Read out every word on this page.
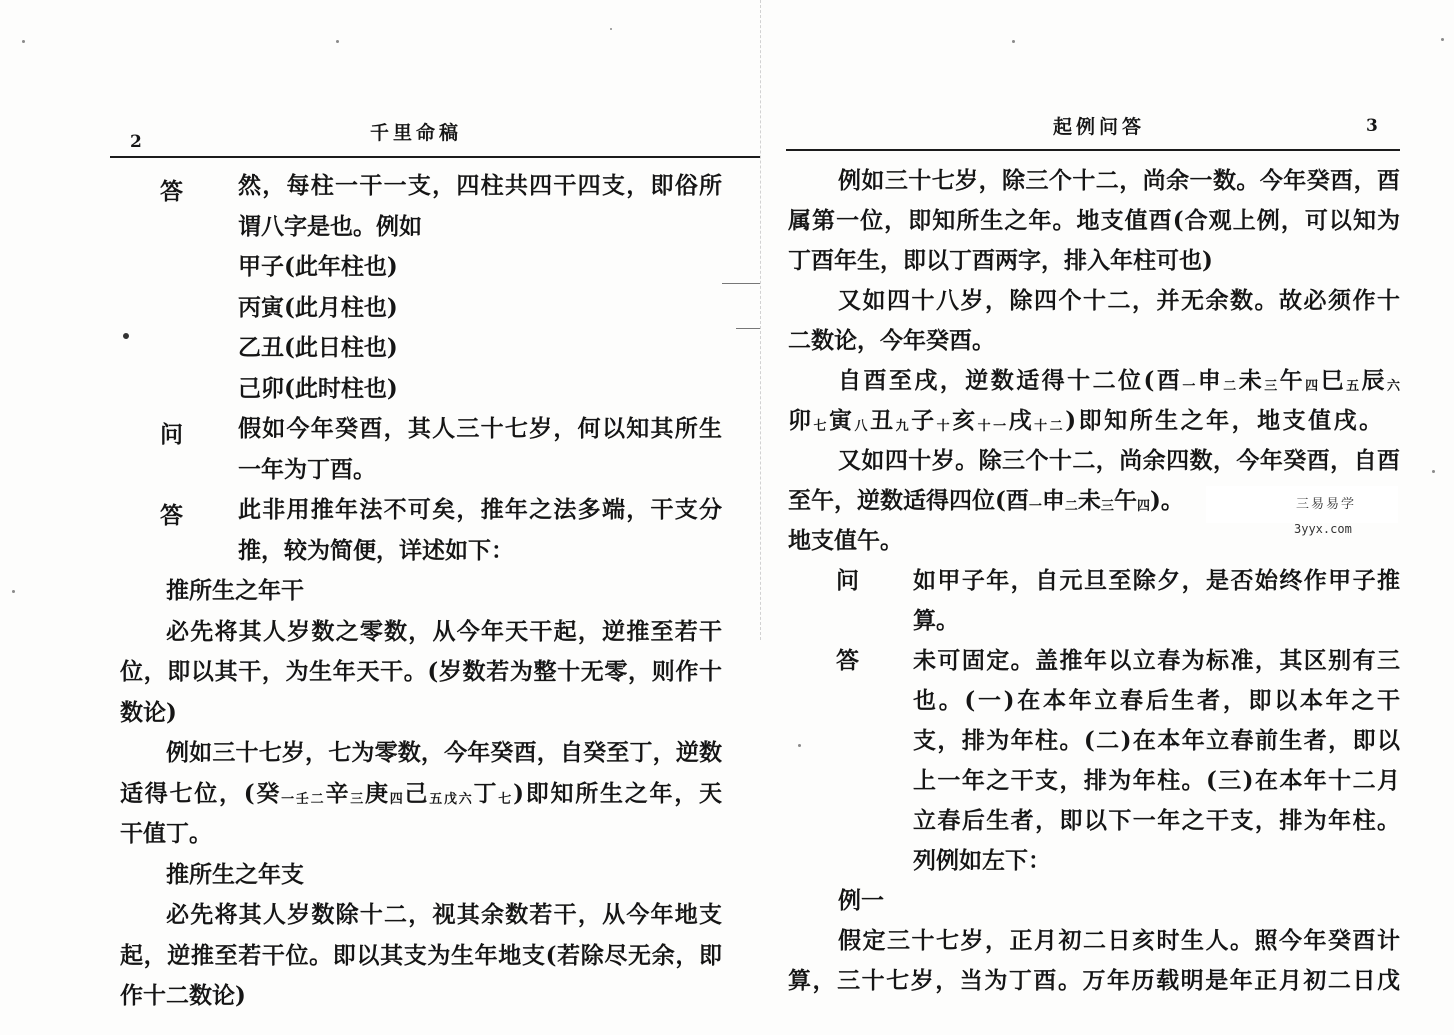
2	千里命稿	起例问答	3
答 然，每柱一干一支，四柱共四干四支，即俗所
谓八字是也。例如
甲子(此年柱也)
丙寅(此月柱也)
乙丑(此日柱也)
己卯(此时柱也)
问 假如今年癸酉，其人三十七岁，何以知其所生
一年为丁酉。
答 此非用推年法不可矣，推年之法多端，干支分
推，较为简便，详述如下：
推所生之年干
必先将其人岁数之零数，从今年天干起，逆推至若干
位，即以其干，为生年天干。(岁数若为整十无零，则作十
数论)
例如三十七岁，七为零数，今年癸酉，自癸至丁，逆数
适得七位，(癸一壬二辛三庚四己五戊六丁七)即知所生之年，天
干值丁。
推所生之年支
必先将其人岁数除十二，视其余数若干，从今年地支
起，逆推至若干位。即以其支为生年地支(若除尽无余，即
作十二数论)
例如三十七岁，除三个十二，尚余一数。今年癸酉，酉
属第一位，即知所生之年。地支值酉(合观上例，可以知为
丁酉年生，即以丁酉两字，排入年柱可也)
又如四十八岁，除四个十二，并无余数。故必须作十
二数论，今年癸酉。
自酉至戌，逆数适得十二位(酉一申二未三午四巳五辰六
卯七寅八丑九子十亥十一戌十二)即知所生之年，地支值戌。
又如四十岁。除三个十二，尚余四数，今年癸酉，自酉
至午，逆数适得四位(酉一申二未三午四)。
地支值午。
问 如甲子年，自元旦至除夕，是否始终作甲子推
算。
答 未可固定。盖推年以立春为标准，其区别有三
也。(一)在本年立春后生者，即以本年之干
支，排为年柱。(二)在本年立春前生者，即以
上一年之干支，排为年柱。(三)在本年十二月
立春后生者，即以下一年之干支，排为年柱。
列例如左下：
例一
假定三十七岁，正月初二日亥时生人。照今年癸酉计
算，三十七岁，当为丁酉。万年历载明是年正月初二日戊
三易易学
3yyx.com
